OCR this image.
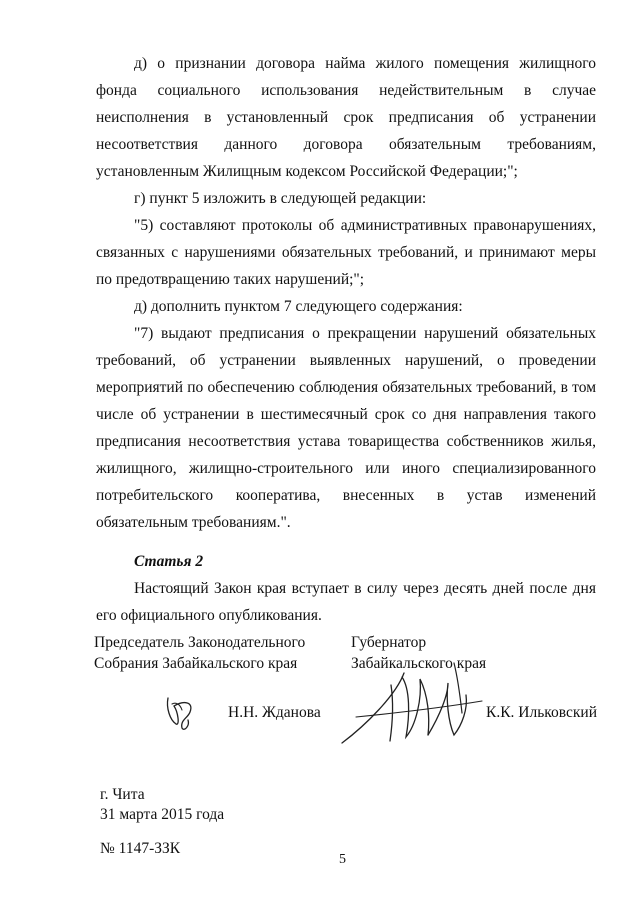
д) о признании договора найма жилого помещения жилищного фонда социального использования недействительным в случае неисполнения в установленный срок предписания об устранении несоответствия данного договора обязательным требованиям, установленным Жилищным кодексом Российской Федерации;";

г) пункт 5 изложить в следующей редакции:

"5) составляют протоколы об административных правонарушениях, связанных с нарушениями обязательных требований, и принимают меры по предотвращению таких нарушений;";

д) дополнить пунктом 7 следующего содержания:

"7) выдают предписания о прекращении нарушений обязательных требований, об устранении выявленных нарушений, о проведении мероприятий по обеспечению соблюдения обязательных требований, в том числе об устранении в шестимесячный срок со дня направления такого предписания несоответствия устава товарищества собственников жилья, жилищного, жилищно-строительного или иного специализированного потребительского кооператива, внесенных в устав изменений обязательным требованиям.".

Статья 2

Настоящий Закон края вступает в силу через десять дней после дня его официального опубликования.

Председатель Законодательного
Собрания Забайкальского края
Губернатор
Забайкальского края
Н.Н. Жданова	К.К. Ильковский
г. Чита
31 марта 2015 года
№ 1147-ЗЗК
5
